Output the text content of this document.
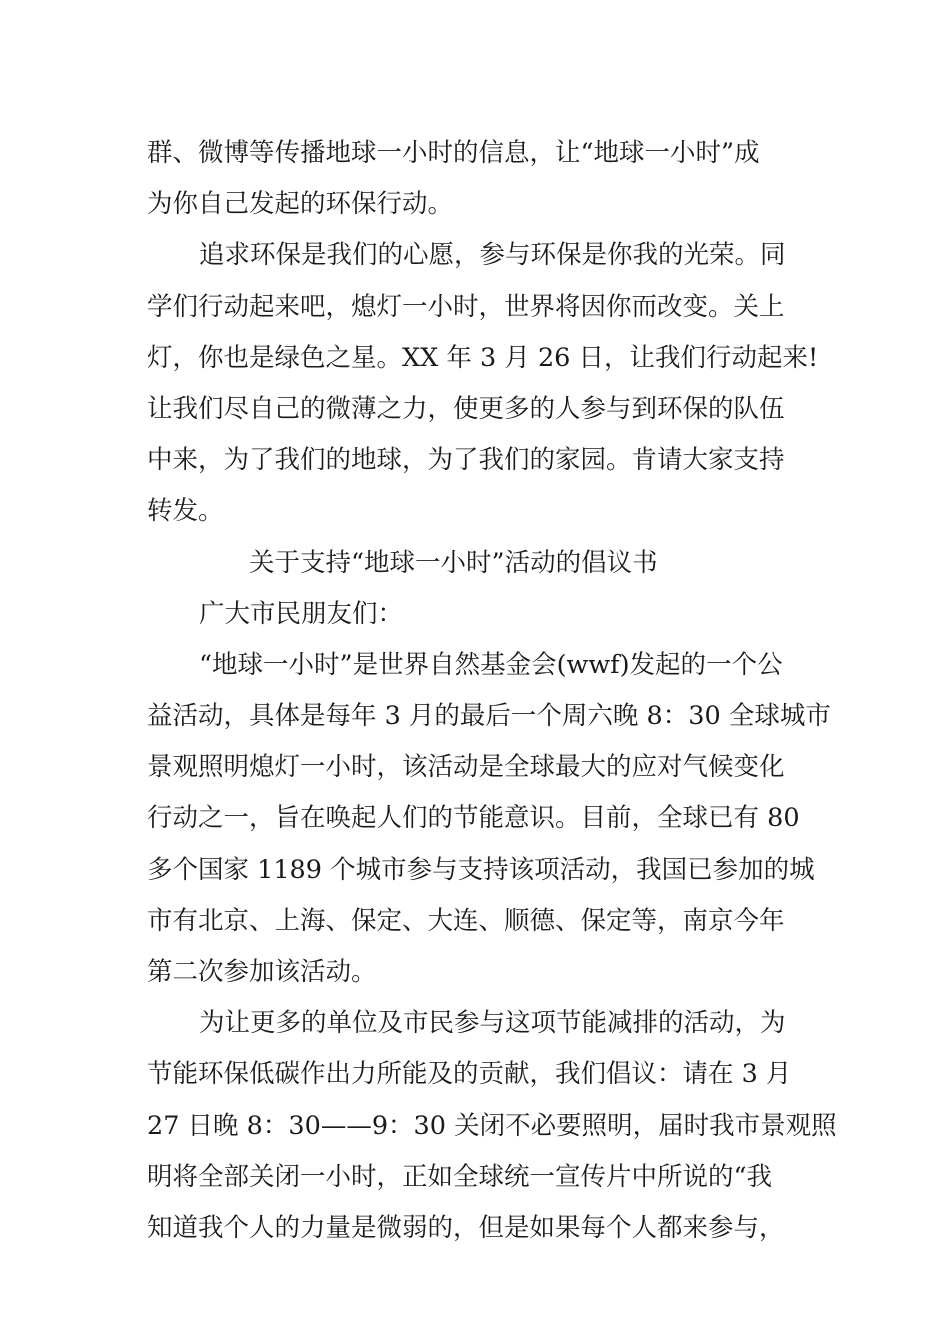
群、微博等传播地球一小时的信息，让“地球一小时”成
为你自己发起的环保行动。
追求环保是我们的心愿，参与环保是你我的光荣。同
学们行动起来吧，熄灯一小时，世界将因你而改变。关上
灯，你也是绿色之星。XX 年 3 月 26 日，让我们行动起来!
让我们尽自己的微薄之力，使更多的人参与到环保的队伍
中来，为了我们的地球，为了我们的家园。肯请大家支持
转发。
关于支持“地球一小时”活动的倡议书
广大市民朋友们：
“地球一小时”是世界自然基金会(wwf)发起的一个公
益活动，具体是每年 3 月的最后一个周六晚 8：30 全球城市
景观照明熄灯一小时，该活动是全球最大的应对气候变化
行动之一，旨在唤起人们的节能意识。目前，全球已有 80
多个国家 1189 个城市参与支持该项活动，我国已参加的城
市有北京、上海、保定、大连、顺德、保定等，南京今年
第二次参加该活动。
为让更多的单位及市民参与这项节能减排的活动，为
节能环保低碳作出力所能及的贡献，我们倡议：请在 3 月
27 日晚 8：30——9：30 关闭不必要照明，届时我市景观照
明将全部关闭一小时，正如全球统一宣传片中所说的“我
知道我个人的力量是微弱的，但是如果每个人都来参与，
